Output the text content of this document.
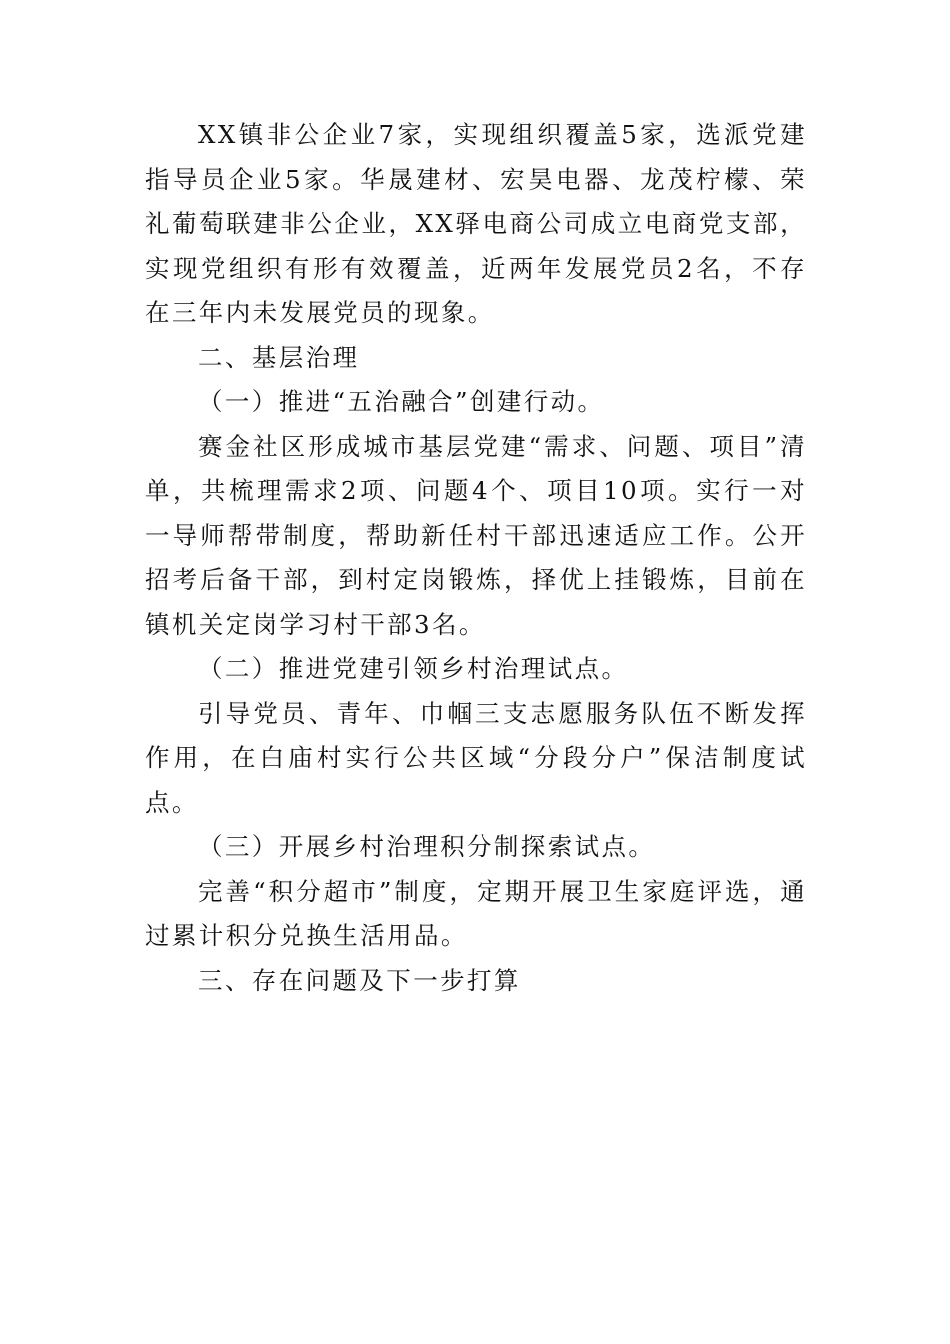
XX镇非公企业7家，实现组织覆盖5家，选派党建指导员企业5家。华晟建材、宏昊电器、龙茂柠檬、荣礼葡萄联建非公企业，XX驿电商公司成立电商党支部，实现党组织有形有效覆盖，近两年发展党员2名，不存在三年内未发展党员的现象。

二、基层治理

（一）推进“五治融合”创建行动。

赛金社区形成城市基层党建“需求、问题、项目”清单，共梳理需求2项、问题4个、项目10项。实行一对一导师帮带制度，帮助新任村干部迅速适应工作。公开招考后备干部，到村定岗锻炼，择优上挂锻炼，目前在镇机关定岗学习村干部3名。

（二）推进党建引领乡村治理试点。

引导党员、青年、巾帼三支志愿服务队伍不断发挥作用，在白庙村实行公共区域“分段分户”保洁制度试点。

（三）开展乡村治理积分制探索试点。

完善“积分超市”制度，定期开展卫生家庭评选，通过累计积分兑换生活用品。

三、存在问题及下一步打算
